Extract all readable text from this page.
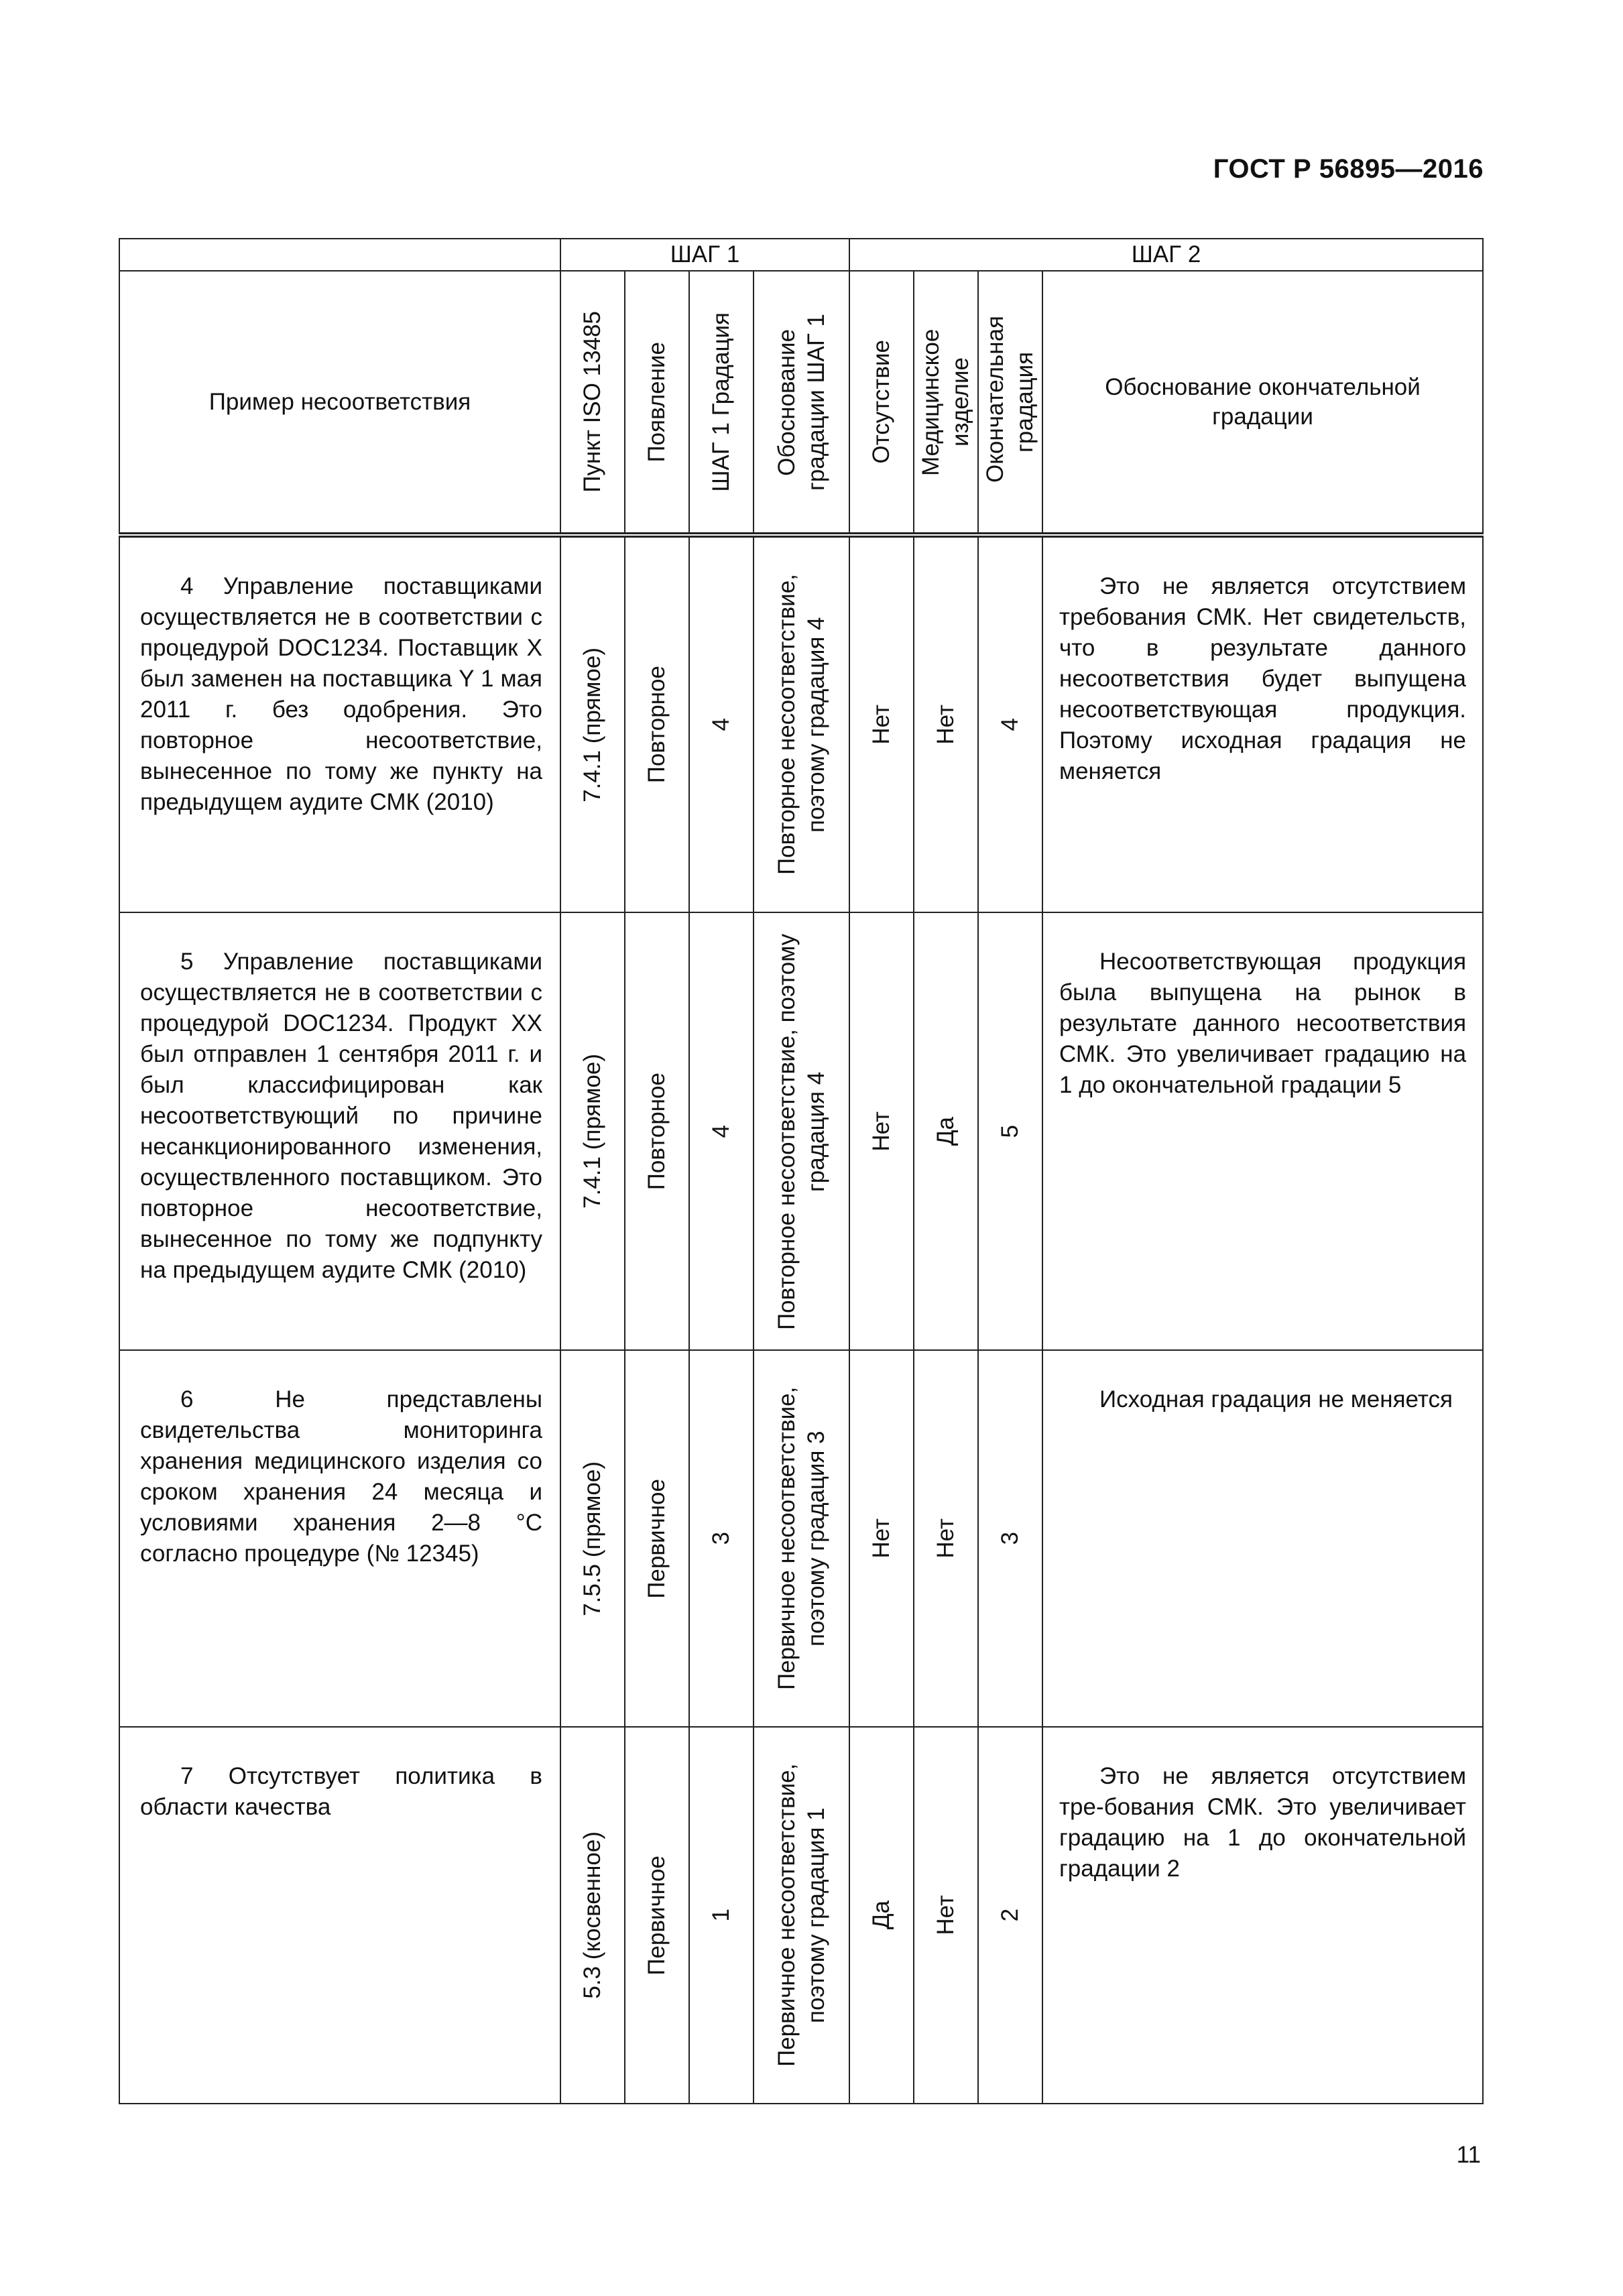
ГОСТ Р 56895—2016
	ШАГ 1				ШАГ 2			
Пример несоответствия	Пункт ISO 13485	Появление	ШАГ 1 Градация	Обоснование градации ШАГ 1	Отсутствие	Медицинское изделие	Окончательная градация	Обоснование окончательной градации

4 Управление поставщиками осуществляется не в соответствии с процедурой DOC1234. Поставщик X был заменен на поставщика Y 1 мая 2011 г. без одобрения. Это повторное несоответствие, вынесенное по тому же пункту на предыдущем аудите СМК (2010)	7.4.1 (прямое)	Повторное	4	Повторное несоответствие, поэтому градация 4	Нет	Нет	4	Это не является отсутствием требования СМК. Нет свидетельств, что в результате данного несоответствия будет выпущена несоответствующая продукция. Поэтому исходная градация не меняется

5 Управление поставщиками осуществляется не в соответствии с процедурой DOC1234. Продукт XX был отправлен 1 сентября 2011 г. и был классифицирован как несоответствующий по причине несанкционированного изменения, осуществленного поставщиком. Это повторное несоответствие, вынесенное по тому же подпункту на предыдущем аудите СМК (2010)	7.4.1 (прямое)	Повторное	4	Повторное несоответствие, поэтому градация 4	Нет	Да	5	Несоответствующая продукция была выпущена на рынок в результате данного несоответствия СМК. Это увеличивает градацию на 1 до окончательной градации 5

6 Не представлены свидетельства мониторинга хранения медицинского изделия со сроком хранения 24 месяца и условиями хранения 2—8 °С согласно процедуре (№ 12345)	7.5.5 (прямое)	Первичное	3	Первичное несоответствие, поэтому градация 3	Нет	Нет	3	Исходная градация не меняется

7 Отсутствует политика в области качества	5.3 (косвенное)	Первичное	1	Первичное несоответствие, поэтому градация 1	Да	Нет	2	Это не является отсутствием тре-бования СМК. Это увеличивает градацию на 1 до окончательной градации 2

11
